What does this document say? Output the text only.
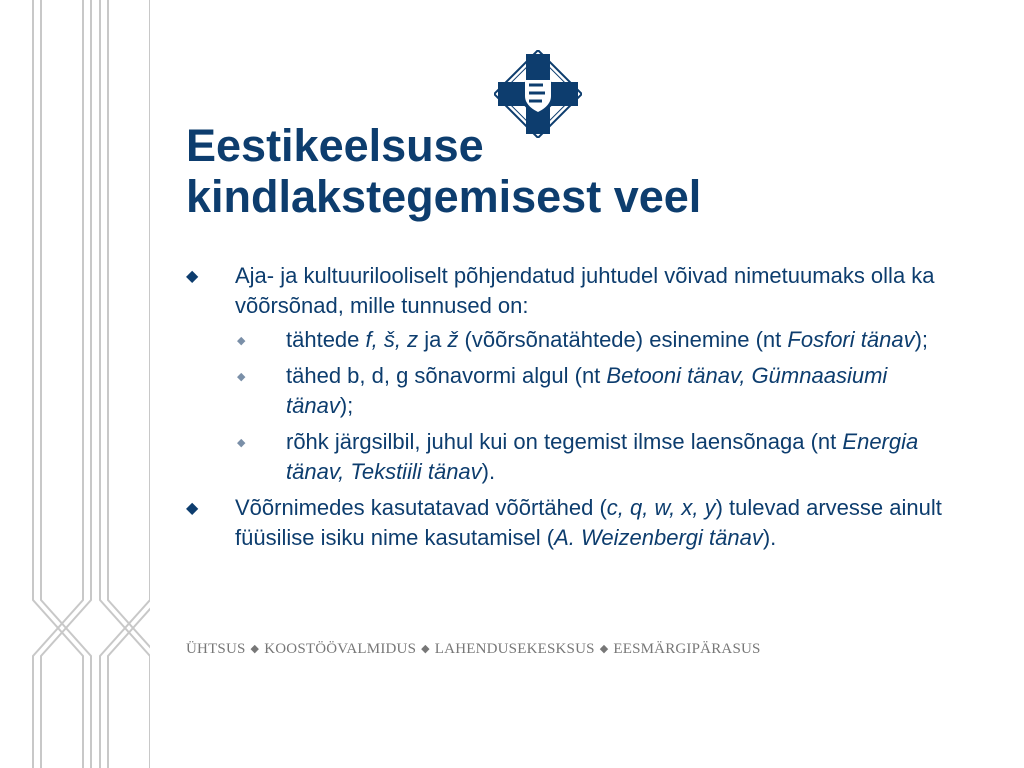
Eestikeelsuse
kindlakstegemisest veel
◆ Aja- ja kultuurilooliselt põhjendatud juhtudel võivad nimetuumaks olla ka võõrsõnad, mille tunnused on:
◆ tähtede f, š, z ja ž (võõrsõnatähtede) esinemine (nt Fosfori tänav);
◆ tähed b, d, g sõnavormi algul (nt Betooni tänav, Gümnaasiumi tänav);
◆ rõhk järgsilbil, juhul kui on tegemist ilmse laensõnaga (nt Energia tänav, Tekstiili tänav).
◆ Võõrnimedes kasutatavad võõrtähed (c, q, w, x, y) tulevad arvesse ainult füüsilise isiku nime kasutamisel (A. Weizenbergi tänav).
ÜHTSUS ◆ KOOSTÖÖVALMIDUS ◆ LAHENDUSEKESKSUS ◆ EESMÄRGIPÄRASUS
